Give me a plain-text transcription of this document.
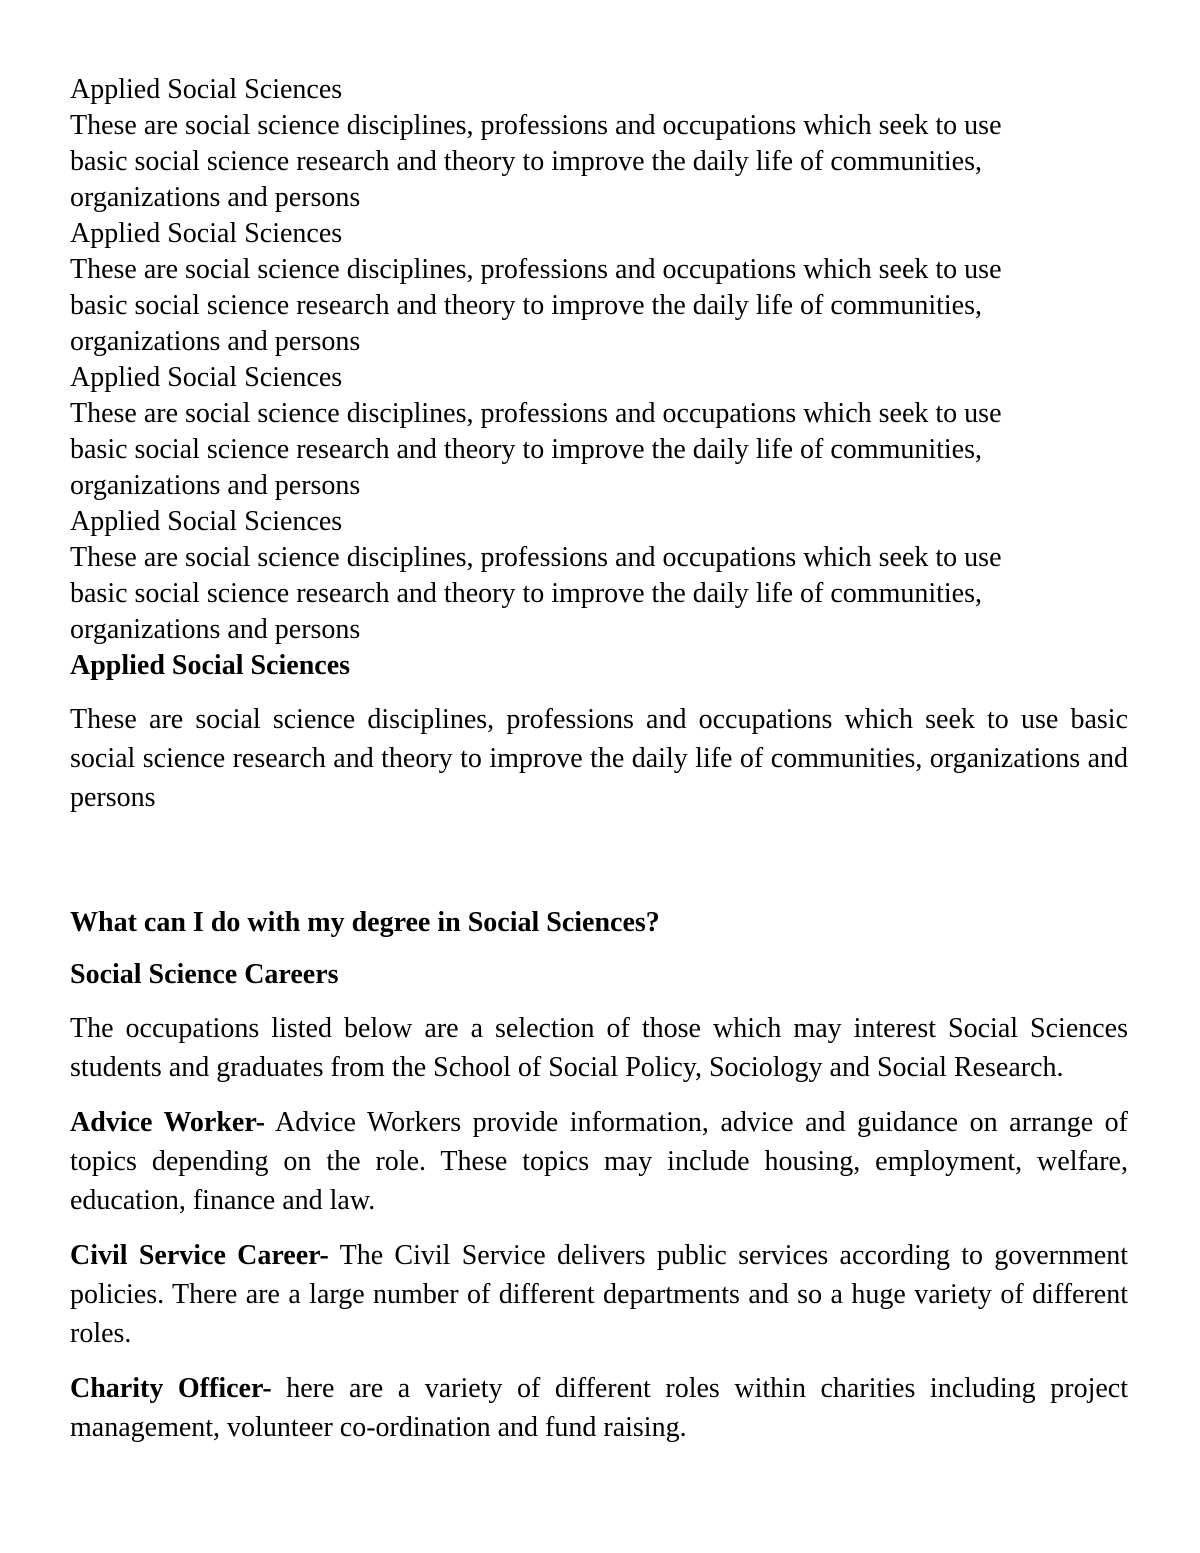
Applied Social Sciences

These are social science disciplines, professions and occupations which seek to use

basic social science research and theory to improve the daily life of communities,

organizations and persons

Applied Social Sciences

These are social science disciplines, professions and occupations which seek to use

basic social science research and theory to improve the daily life of communities,

organizations and persons

Applied Social Sciences

These are social science disciplines, professions and occupations which seek to use

basic social science research and theory to improve the daily life of communities,

organizations and persons

Applied Social Sciences

These are social science disciplines, professions and occupations which seek to use

basic social science research and theory to improve the daily life of communities,

organizations and persons

Applied Social Sciences

These are social science disciplines, professions and occupations which seek to use basic social science research and theory to improve the daily life of communities, organizations and persons

What can I do with my degree in Social Sciences?

Social Science Careers

The occupations listed below are a selection of those which may interest Social Sciences students and graduates from the School of Social Policy, Sociology and Social Research.

Advice Worker- Advice Workers provide information, advice and guidance on arrange of topics depending on the role. These topics may include housing, employment, welfare, education, finance and law.

Civil Service Career- The Civil Service delivers public services according to government policies. There are a large number of different departments and so a huge variety of different roles.

Charity Officer- here are a variety of different roles within charities including project management, volunteer co-ordination and fund raising.
